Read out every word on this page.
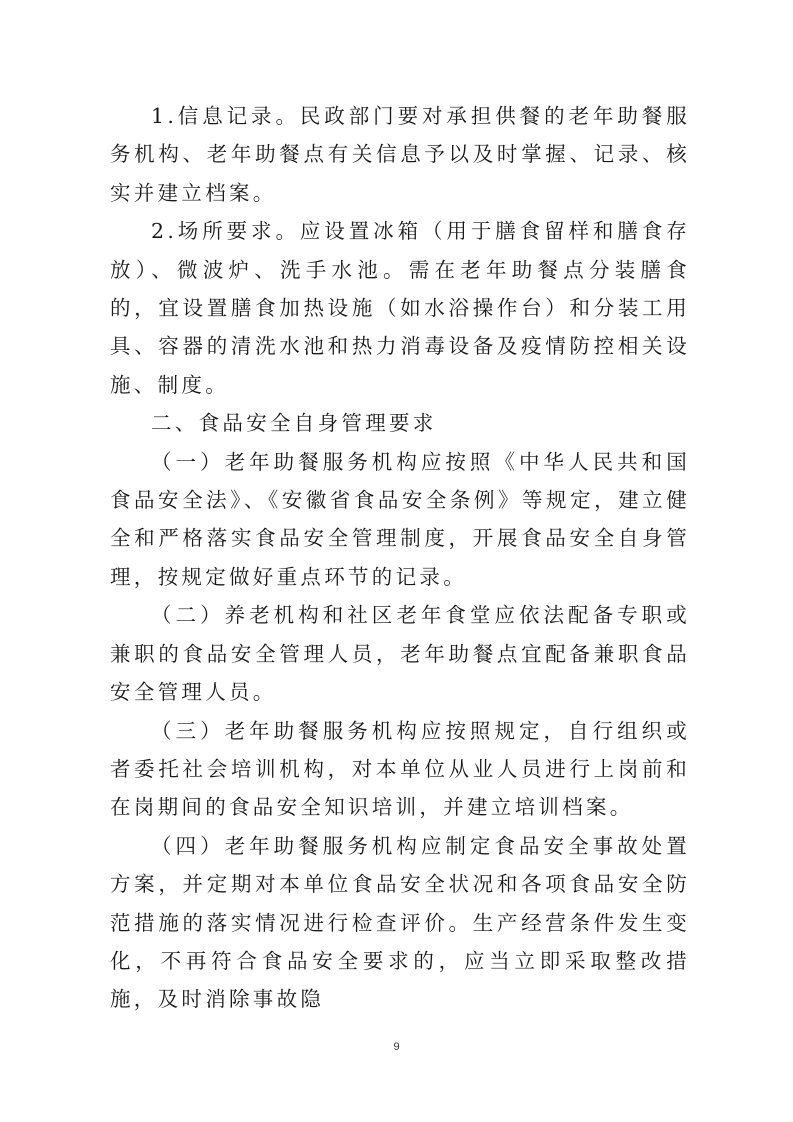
1.信息记录。民政部门要对承担供餐的老年助餐服务机构、老年助餐点有关信息予以及时掌握、记录、核实并建立档案。

2.场所要求。应设置冰箱（用于膳食留样和膳食存放）、微波炉、洗手水池。需在老年助餐点分装膳食的，宜设置膳食加热设施（如水浴操作台）和分装工用具、容器的清洗水池和热力消毒设备及疫情防控相关设施、制度。

二、食品安全自身管理要求

（一）老年助餐服务机构应按照《中华人民共和国食品安全法》、《安徽省食品安全条例》等规定，建立健全和严格落实食品安全管理制度，开展食品安全自身管理，按规定做好重点环节的记录。

（二）养老机构和社区老年食堂应依法配备专职或兼职的食品安全管理人员，老年助餐点宜配备兼职食品安全管理人员。

（三）老年助餐服务机构应按照规定，自行组织或者委托社会培训机构，对本单位从业人员进行上岗前和在岗期间的食品安全知识培训，并建立培训档案。

（四）老年助餐服务机构应制定食品安全事故处置方案，并定期对本单位食品安全状况和各项食品安全防范措施的落实情况进行检查评价。生产经营条件发生变化，不再符合食品安全要求的，应当立即采取整改措施，及时消除事故隐

9
